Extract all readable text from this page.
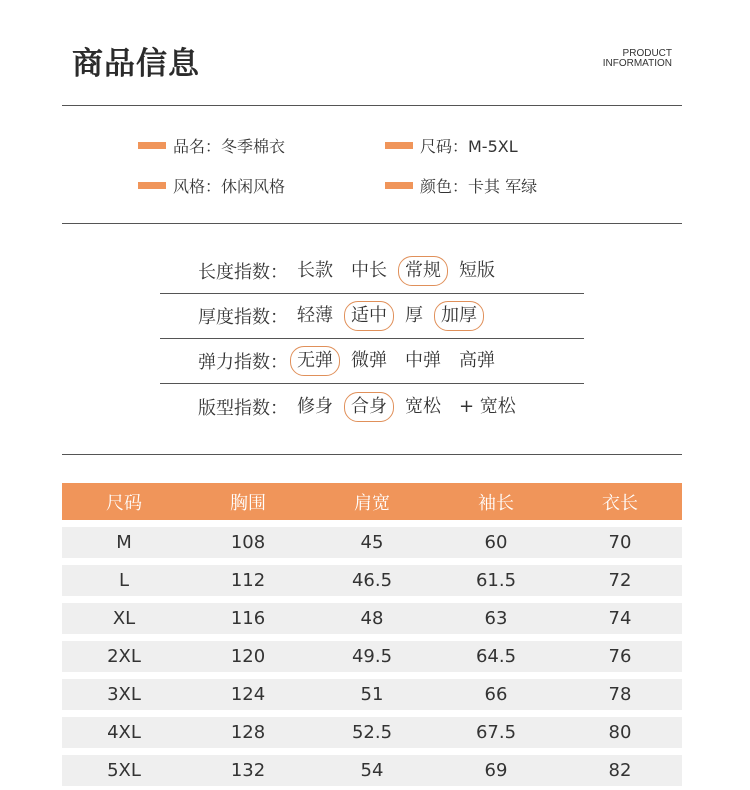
商品信息	PRODUCT
INFORMATION
品名：冬季棉衣	尺码：M-5XL
风格：休闲风格	颜色：卡其 军绿
长度指数： 长款	中长	常规	短版
厚度指数： 轻薄	适中	厚	加厚
弹力指数： 无弹	微弹	中弹	高弹
版型指数： 修身	合身	宽松	+ 宽松
尺码	胸围	肩宽	袖长	衣长
M	108	45	60	70
L	112	46.5	61.5	72
XL	116	48	63	74
2XL	120	49.5	64.5	76
3XL	124	51	66	78
4XL	128	52.5	67.5	80
5XL	132	54	69	82
